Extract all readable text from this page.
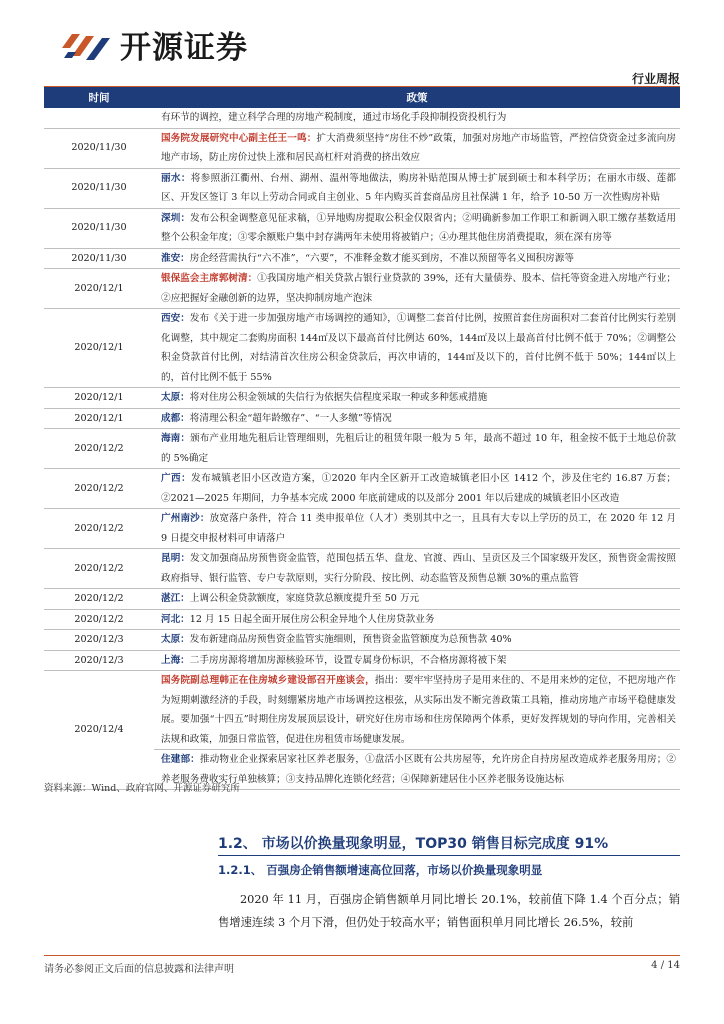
开源证券
行业周报
时间	政策
	有环节的调控，建立科学合理的房地产税制度，通过市场化手段抑制投资投机行为
2020/11/30	国务院发展研究中心副主任王一鸣：扩大消费须坚持“房住不炒”政策，加强对房地产市场监管，严控信贷资金过多流向房地产市场，防止房价过快上涨和居民高杠杆对消费的挤出效应
2020/11/30	丽水：将参照浙江衢州、台州、湖州、温州等地做法，购房补贴范围从博士扩展到硕士和本科学历；在丽水市级、莲都区、开发区签订 3 年以上劳动合同或自主创业、5 年内购买首套商品房且社保满 1 年，给予 10-50 万一次性购房补贴
2020/11/30	深圳：发布公积金调整意见征求稿，①异地购房提取公积金仅限省内；②明确新参加工作职工和新调入职工缴存基数适用整个公积金年度；③零余额账户集中封存满两年未使用将被销户；④办理其他住房消费提取，须在深有房等
2020/11/30	淮安：房企经营需执行“六不准”，“六要”，不准释金数才能买到房，不准以预留等名义囤积房源等
2020/12/1	银保监会主席郭树清：①我国房地产相关贷款占银行业贷款的 39%，还有大量债券、股本、信托等资金进入房地产行业；②应把握好金融创新的边界，坚决抑制房地产泡沫
2020/12/1	西安：发布《关于进一步加强房地产市场调控的通知》，①调整二套首付比例，按照首套住房面积对二套首付比例实行差别化调整，其中规定二套购房面积 144㎡及以下最高首付比例达 60%，144㎡及以上最高首付比例不低于 70%；②调整公积金贷款首付比例，对结清首次住房公积金贷款后，再次申请的，144㎡及以下的，首付比例不低于 50%；144㎡以上的，首付比例不低于 55%
2020/12/1	太原：将对住房公积金领域的失信行为依据失信程度采取一种或多种惩戒措施
2020/12/1	成都：将清理公积金“超年龄缴存”、“一人多缴”等情况
2020/12/2	海南：颁布产业用地先租后让管理细则，先租后让的租赁年限一般为 5 年，最高不超过 10 年，租金按不低于土地总价款的 5%确定
2020/12/2	广西：发布城镇老旧小区改造方案，①2020 年内全区新开工改造城镇老旧小区 1412 个，涉及住宅约 16.87 万套；②2021—2025 年期间，力争基本完成 2000 年底前建成的以及部分 2001 年以后建成的城镇老旧小区改造
2020/12/2	广州南沙：放宽落户条件，符合 11 类申报单位（人才）类别其中之一，且具有大专以上学历的员工，在 2020 年 12 月 9 日提交申报材料可申请落户
2020/12/2	昆明：发文加强商品房预售资金监管，范围包括五华、盘龙、官渡、西山、呈贡区及三个国家级开发区，预售资金需按照政府指导、银行监管、专户专款原则，实行分阶段、按比例、动态监管及预售总额 30%的重点监管
2020/12/2	湛江：上调公积金贷款额度，家庭贷款总额度提升至 50 万元
2020/12/2	河北：12 月 15 日起全面开展住房公积金异地个人住房贷款业务
2020/12/3	太原：发布新建商品房预售资金监管实施细则，预售资金监管额度为总预售款 40%
2020/12/3	上海：二手房房源将增加房源核验环节，设置专属身份标识，不合格房源将被下架
2020/12/4	国务院副总理韩正在住房城乡建设部召开座谈会，指出：要牢牢坚持房子是用来住的、不是用来炒的定位，不把房地产作为短期刺激经济的手段，时刻绷紧房地产市场调控这根弦，从实际出发不断完善政策工具箱，推动房地产市场平稳健康发展。要加强“十四五”时期住房发展顶层设计，研究好住房市场和住房保障两个体系，更好发挥规划的导向作用，完善相关法规和政策，加强日常监管，促进住房租赁市场健康发展。
	住建部：推动物业企业探索居家社区养老服务，①盘活小区既有公共房屋等，允许房企自持房屋改造成养老服务用房；②养老服务费收实行单独核算；③支持品牌化连锁化经营；④保障新建居住小区养老服务设施达标
资料来源：Wind、政府官网、开源证券研究所
1.2、 市场以价换量现象明显，TOP30 销售目标完成度 91%
1.2.1、 百强房企销售额增速高位回落，市场以价换量现象明显

2020 年 11 月，百强房企销售额单月同比增长 20.1%，较前值下降 1.4 个百分点；销售增速连续 3 个月下滑，但仍处于较高水平；销售面积单月同比增长 26.5%，较前

请务必参阅正文后面的信息披露和法律声明	4 / 14
